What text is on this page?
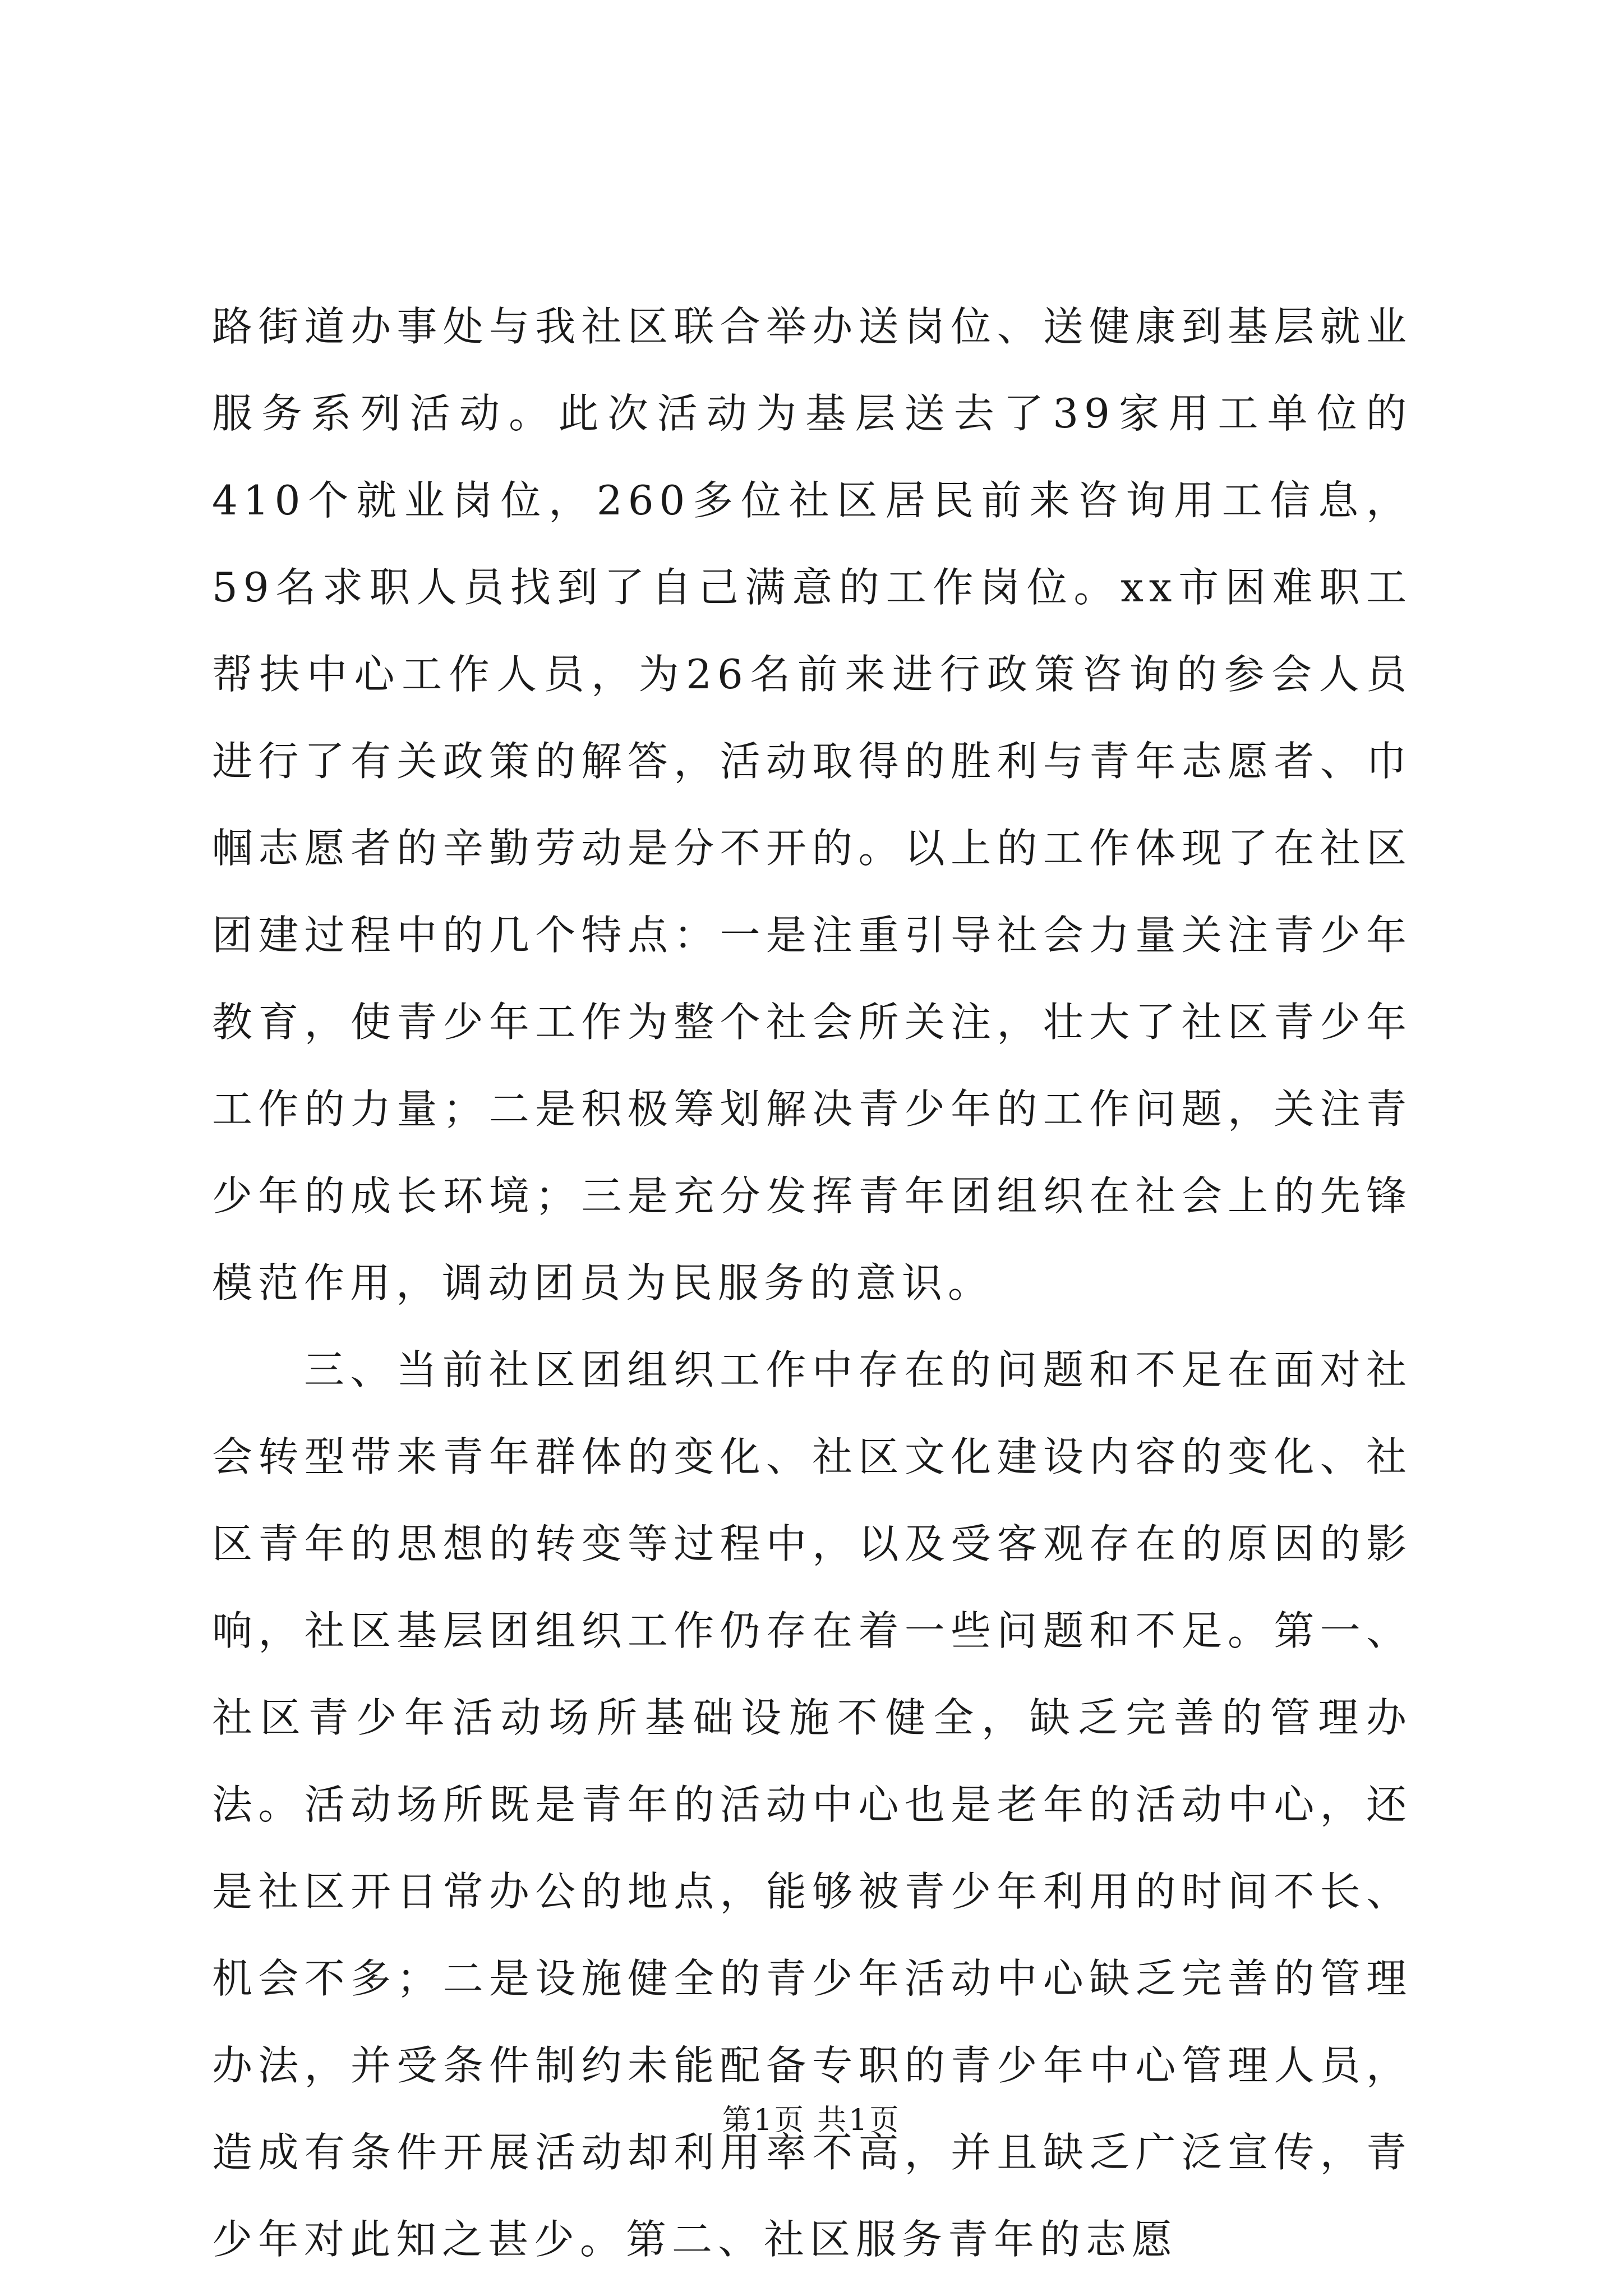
路街道办事处与我社区联合举办送岗位、送健康到基层就业服务系列活动。此次活动为基层送去了39家用工单位的410个就业岗位，260多位社区居民前来咨询用工信息，59名求职人员找到了自己满意的工作岗位。xx市困难职工帮扶中心工作人员，为26名前来进行政策咨询的参会人员进行了有关政策的解答，活动取得的胜利与青年志愿者、巾帼志愿者的辛勤劳动是分不开的。以上的工作体现了在社区团建过程中的几个特点：一是注重引导社会力量关注青少年教育，使青少年工作为整个社会所关注，壮大了社区青少年工作的力量；二是积极筹划解决青少年的工作问题，关注青少年的成长环境；三是充分发挥青年团组织在社会上的先锋模范作用，调动团员为民服务的意识。

三、当前社区团组织工作中存在的问题和不足在面对社会转型带来青年群体的变化、社区文化建设内容的变化、社区青年的思想的转变等过程中，以及受客观存在的原因的影响，社区基层团组织工作仍存在着一些问题和不足。第一、社区青少年活动场所基础设施不健全，缺乏完善的管理办法。活动场所既是青年的活动中心也是老年的活动中心，还是社区开日常办公的地点，能够被青少年利用的时间不长、机会不多；二是设施健全的青少年活动中心缺乏完善的管理办法，并受条件制约未能配备专职的青少年中心管理人员，造成有条件开展活动却利用率不高，并且缺乏广泛宣传，青少年对此知之甚少。第二、社区服务青年的志愿

第1页 共1页
